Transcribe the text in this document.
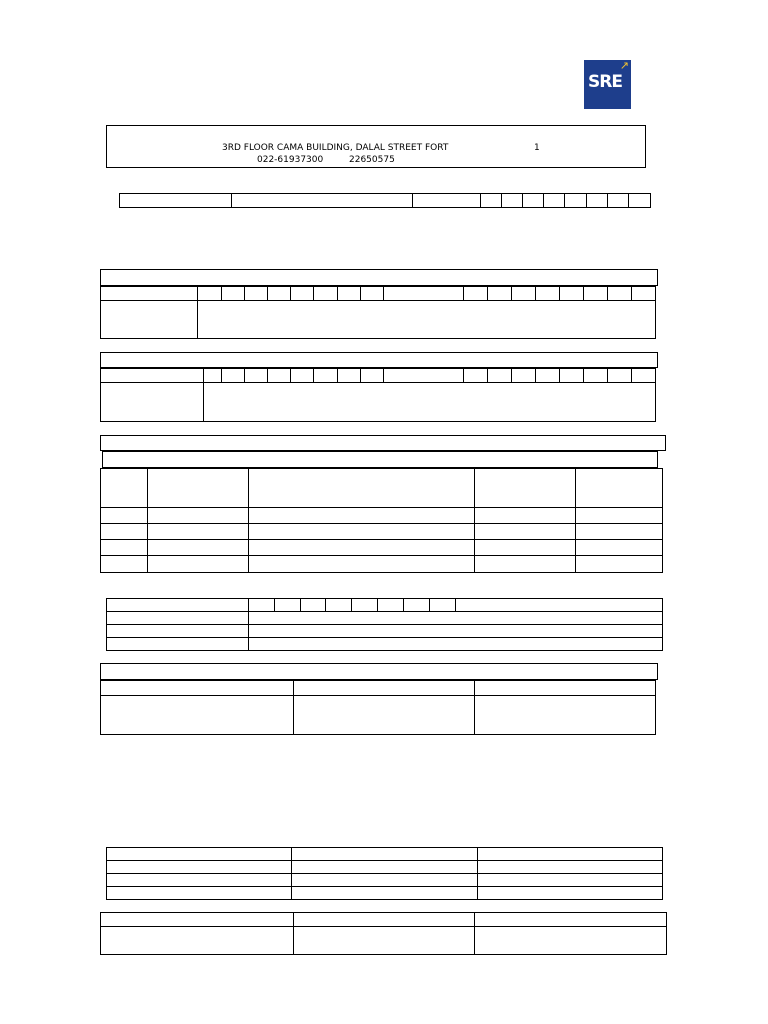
SRE
↗
3RD FLOOR CAMA BUILDING, DALAL STREET FORT	1
022-61937300	22650575
